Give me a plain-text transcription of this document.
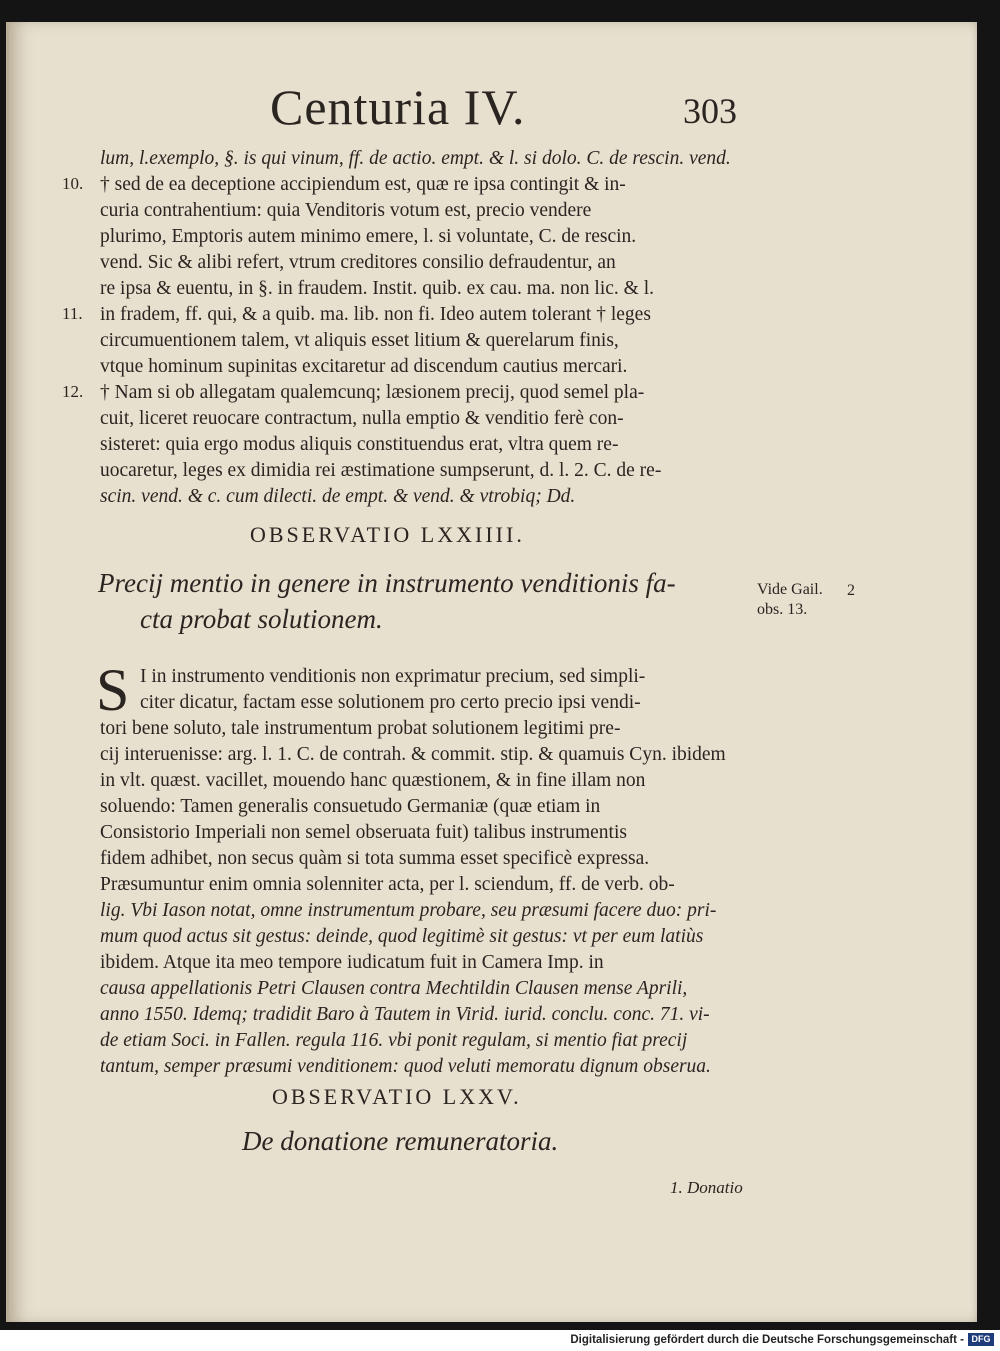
Centuria IV.	303
lum, l.exemplo, §. is qui vinum, ff. de actio. empt. & l. si dolo. C. de rescin. vend.
† sed de ea deceptione accipiendum est, quæ re ipsa contingit & in-
curia contrahentium: quia Venditoris votum est, precio vendere
plurimo, Emptoris autem minimo emere, l. si voluntate, C. de rescin.
vend. Sic & alibi refert, vtrum creditores consilio defraudentur, an
re ipsa & euentu, in §. in fraudem. Instit. quib. ex cau. ma. non lic. & l.
in fradem, ff. qui, & a quib. ma. lib. non fi. Ideo autem tolerant † leges
circumuentionem talem, vt aliquis esset litium & querelarum finis,
vtque hominum supinitas excitaretur ad discendum cautius mercari.
† Nam si ob allegatam qualemcunq; læsionem precij, quod semel pla-
cuit, liceret reuocare contractum, nulla emptio & venditio ferè con-
sisteret: quia ergo modus aliquis constituendus erat, vltra quem re-
uocaretur, leges ex dimidia rei æstimatione sumpserunt, d. l. 2. C. de re-
scin. vend. & c. cum dilecti. de empt. & vend. & vtrobiq; Dd.
10.
11.
12.
OBSERVATIO LXXIIII.
Precij mentio in genere in instrumento venditionis fa-
cta probat solutionem.
Vide Gail.
obs. 13.
2
S I in instrumento venditionis non exprimatur precium, sed simpli-
citer dicatur, factam esse solutionem pro certo precio ipsi vendi-
tori bene soluto, tale instrumentum probat solutionem legitimi pre-
cij interuenisse: arg. l. 1. C. de contrah. & commit. stip. & quamuis Cyn. ibidem
in vlt. quæst. vacillet, mouendo hanc quæstionem, & in fine illam non
soluendo: Tamen generalis consuetudo Germaniæ (quæ etiam in
Consistorio Imperiali non semel obseruata fuit) talibus instrumentis
fidem adhibet, non secus quàm si tota summa esset specificè expressa.
Præsumuntur enim omnia solenniter acta, per l. sciendum, ff. de verb. ob-
lig. Vbi Iason notat, omne instrumentum probare, seu præsumi facere duo: pri-
mum quod actus sit gestus: deinde, quod legitimè sit gestus: vt per eum latiùs
ibidem. Atque ita meo tempore iudicatum fuit in Camera Imp. in
causa appellationis Petri Clausen contra Mechtildin Clausen mense Aprili,
anno 1550. Idemq; tradidit Baro à Tautem in Virid. iurid. conclu. conc. 71. vi-
de etiam Soci. in Fallen. regula 116. vbi ponit regulam, si mentio fiat precij
tantum, semper præsumi venditionem: quod veluti memoratu dignum obserua.
OBSERVATIO LXXV.
De donatione remuneratoria.
1. Donatio
Digitalisierung gefördert durch die Deutsche Forschungsgemeinschaft - DFG
